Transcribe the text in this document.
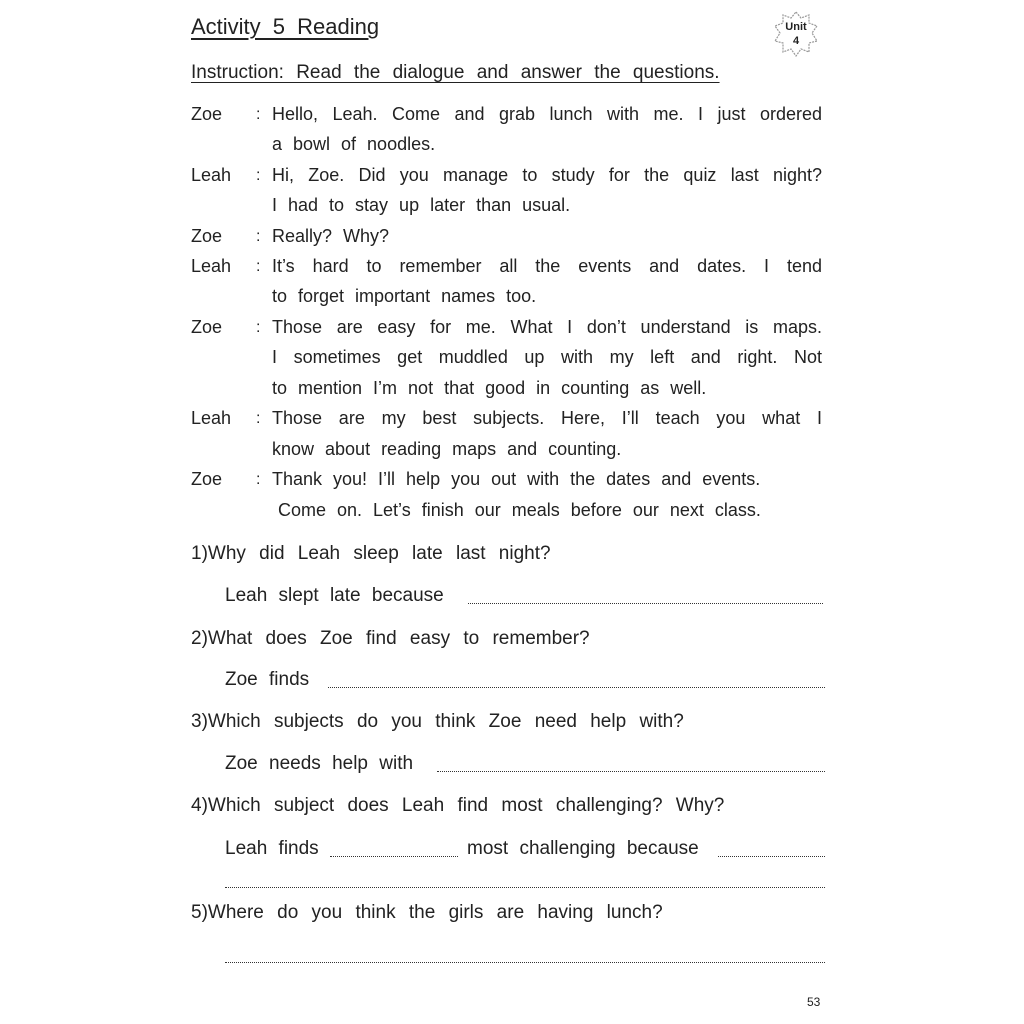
Activity 5 Reading	Unit
4
Instruction: Read the dialogue and answer the questions.
Zoe : Hello, Leah. Come and grab lunch with me. I just ordered
a bowl of noodles.
Leah : Hi, Zoe. Did you manage to study for the quiz last night?
I had to stay up later than usual.
Zoe : Really? Why?
Leah : It’s hard to remember all the events and dates. I tend
to forget important names too.
Zoe : Those are easy for me. What I don’t understand is maps.
I sometimes get muddled up with my left and right. Not
to mention I’m not that good in counting as well.
Leah : Those are my best subjects. Here, I’ll teach you what I
know about reading maps and counting.
Zoe : Thank you! I’ll help you out with the dates and events.
Come on. Let’s finish our meals before our next class.
1)Why did Leah sleep late last night?
2)What does Zoe find easy to remember?
3)Which subjects do you think Zoe need help with?
4)Which subject does Leah find most challenging? Why?
5)Where do you think the girls are having lunch?
Leah slept late because
Zoe finds
Zoe needs help with
Leah finds	most challenging because
53
